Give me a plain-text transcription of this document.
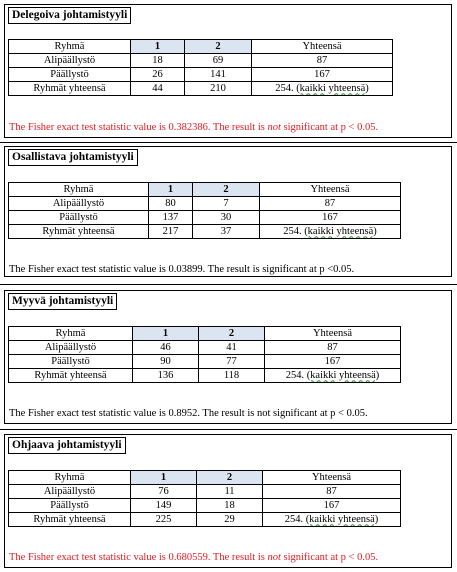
Delegoiva johtamistyyli
Ryhmä	1	2	Yhteensä
Alipäällystö	18	69	87
Päällystö	26	141	167
Ryhmät yhteensä	44	210	254. (kaikki yhteensä)
The Fisher exact test statistic value is 0.382386. The result is not significant at p < 0.05.
Osallistava johtamistyyli
Ryhmä	1	2	Yhteensä
Alipäällystö	80	7	87
Päällystö	137	30	167
Ryhmät yhteensä	217	37	254. (kaikki yhteensä)
The Fisher exact test statistic value is 0.03899. The result is significant at p <0.05.
Myyvä johtamistyyli
Ryhmä	1	2	Yhteensä
Alipäällystö	46	41	87
Päällystö	90	77	167
Ryhmät yhteensä	136	118	254. (kaikki yhteensä)
The Fisher exact test statistic value is 0.8952. The result is not significant at p < 0.05.
Ohjaava johtamistyyli
Ryhmä	1	2	Yhteensä
Alipäällystö	76	11	87
Päällystö	149	18	167
Ryhmät yhteensä	225	29	254. (kaikki yhteensä)
The Fisher exact test statistic value is 0.680559. The result is not significant at p < 0.05.
